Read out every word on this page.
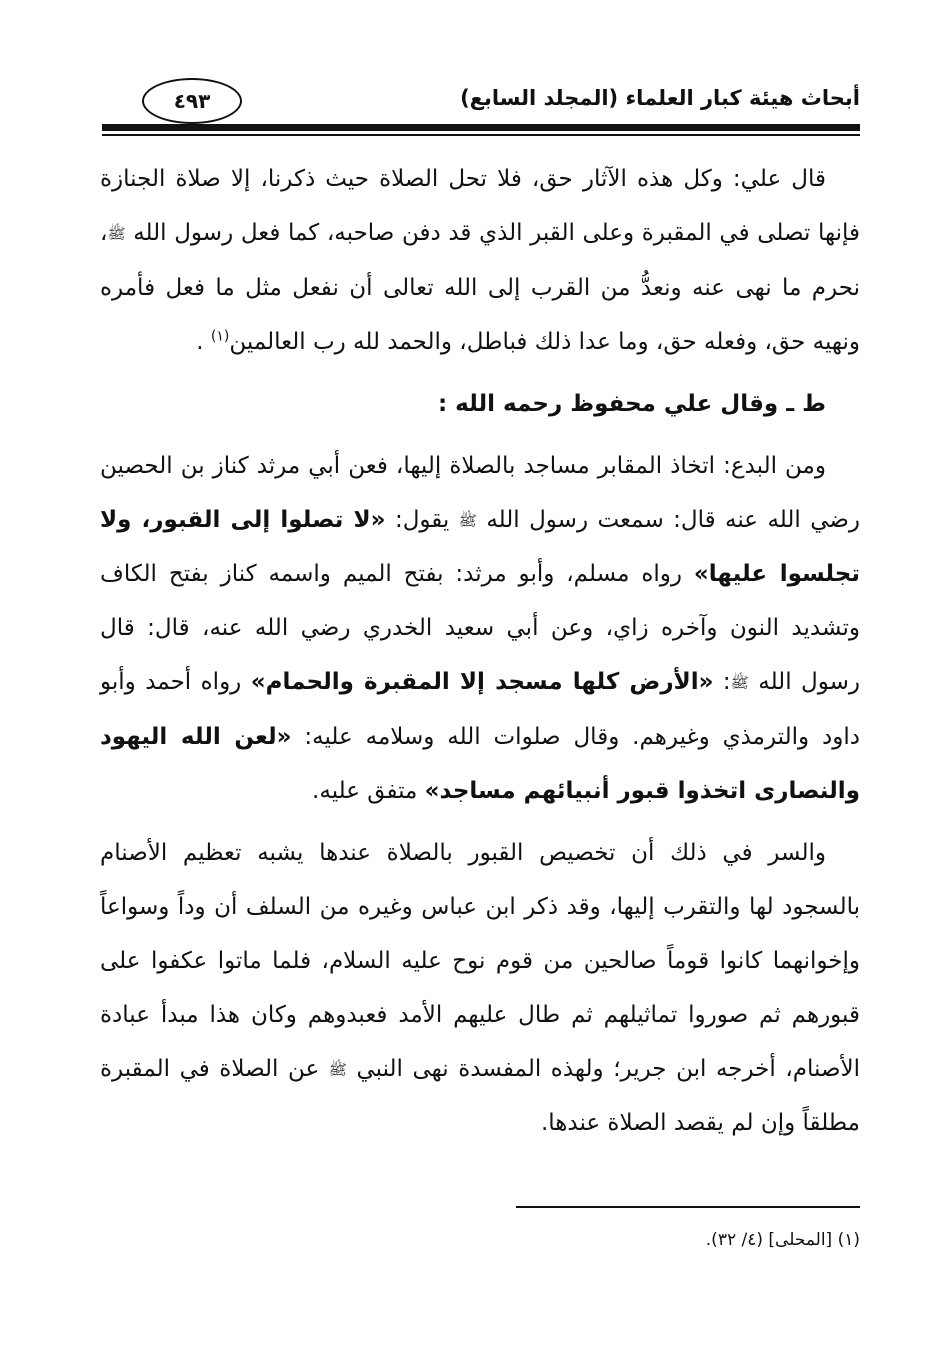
أبحاث هيئة كبار العلماء (المجلد السابع)
٤٩٣

قال علي: وكل هذه الآثار حق، فلا تحل الصلاة حيث ذكرنا، إلا صلاة الجنازة فإنها تصلى في المقبرة وعلى القبر الذي قد دفن صاحبه، كما فعل رسول الله ﷺ، نحرم ما نهى عنه ونعدُّ من القرب إلى الله تعالى أن نفعل مثل ما فعل فأمره ونهيه حق، وفعله حق، وما عدا ذلك فباطل، والحمد لله رب العالمين$^{(١)}$ .

ط ـ وقال علي محفوظ رحمه الله :

ومن البدع: اتخاذ المقابر مساجد بالصلاة إليها، فعن أبي مرثد كناز بن الحصين رضي الله عنه قال: سمعت رسول الله ﷺ يقول: «لا تصلوا إلى القبور، ولا تجلسوا عليها» رواه مسلم، وأبو مرثد: بفتح الميم واسمه كناز بفتح الكاف وتشديد النون وآخره زاي، وعن أبي سعيد الخدري رضي الله عنه، قال: قال رسول الله ﷺ: «الأرض كلها مسجد إلا المقبرة والحمام» رواه أحمد وأبو داود والترمذي وغيرهم. وقال صلوات الله وسلامه عليه: «لعن الله اليهود والنصارى اتخذوا قبور أنبيائهم مساجد» متفق عليه.

والسر في ذلك أن تخصيص القبور بالصلاة عندها يشبه تعظيم الأصنام بالسجود لها والتقرب إليها، وقد ذكر ابن عباس وغيره من السلف أن وداً وسواعاً وإخوانهما كانوا قوماً صالحين من قوم نوح عليه السلام، فلما ماتوا عكفوا على قبورهم ثم صوروا تماثيلهم ثم طال عليهم الأمد فعبدوهم وكان هذا مبدأ عبادة الأصنام، أخرجه ابن جرير؛ ولهذه المفسدة نهى النبي ﷺ عن الصلاة في المقبرة مطلقاً وإن لم يقصد الصلاة عندها.

(١) [المحلى] (٤/ ٣٢).
